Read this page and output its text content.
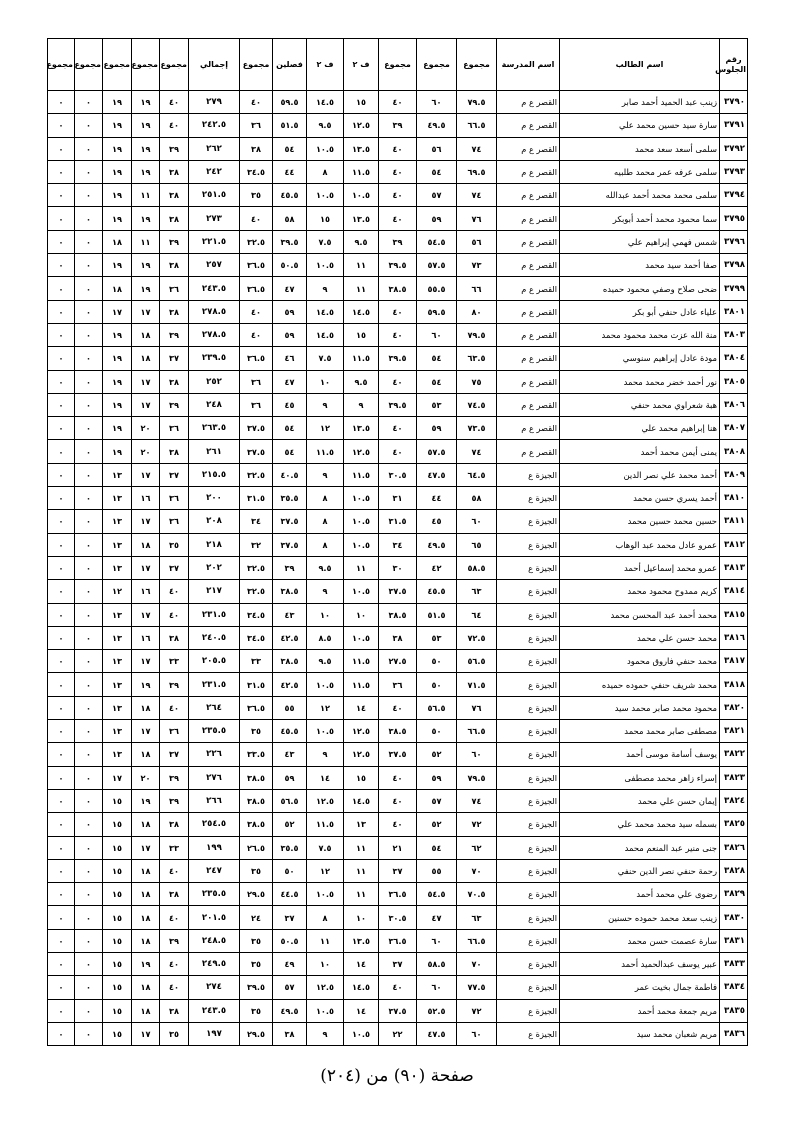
رقم الجلوس	اسم الطالب	اسم المدرسة	مجموع	مجموع	مجموع	ف ٢	ف ٢	فصلين	مجموع	إجمالي	مجموع	مجموع	مجموع	مجموع	مجموع
٣٧٩٠	زينب عبد الحميد أحمد صابر	القصر ع م	٧٩.٥	٦٠	٤٠	١٥	١٤.٥	٥٩.٥	٤٠	٢٧٩	٤٠	١٩	١٩	٠	٠
٣٧٩١	سارة سيد حسين محمد علي	القصر ع م	٦٦.٥	٤٩.٥	٣٩	١٢.٥	٩.٥	٥١.٥	٣٦	٢٤٢.٥	٤٠	١٩	١٩	٠	٠
٣٧٩٢	سلمى أسعد سعد محمد	القصر ع م	٧٤	٥٦	٤٠	١٣.٥	١٠.٥	٥٤	٣٨	٢٦٢	٣٩	١٩	١٩	٠	٠
٣٧٩٣	سلمى عرفه عمر محمد طلبيه	القصر ع م	٦٩.٥	٥٤	٤٠	١١.٥	٨	٤٤	٣٤.٥	٢٤٢	٣٨	١٩	١٩	٠	٠
٣٧٩٤	سلمى محمد محمد أحمد عبدالله	القصر ع م	٧٤	٥٧	٤٠	١٠.٥	١٠.٥	٤٥.٥	٣٥	٢٥١.٥	٣٨	١١	١٩	٠	٠
٣٧٩٥	سما محمود محمد أحمد أبوبكر	القصر ع م	٧٦	٥٩	٤٠	١٣.٥	١٥	٥٨	٤٠	٢٧٣	٣٨	١٩	١٩	٠	٠
٣٧٩٦	شمس فهمي إبراهيم علي	القصر ع م	٥٦	٥٤.٥	٣٩	٩.٥	٧.٥	٣٩.٥	٣٢.٥	٢٢١.٥	٣٩	١١	١٨	٠	٠
٣٧٩٨	صفا أحمد سيد محمد	القصر ع م	٧٣	٥٧.٥	٣٩.٥	١١	١٠.٥	٥٠.٥	٣٦.٥	٢٥٧	٣٨	١٩	١٩	٠	٠
٣٧٩٩	ضحى صلاح وصفي محمود حميده	القصر ع م	٦٦	٥٥.٥	٣٨.٥	١١	٩	٤٧	٣٦.٥	٢٤٣.٥	٣٦	١٩	١٨	٠	٠
٣٨٠١	علياء عادل حنفي أبو بكر	القصر ع م	٨٠	٥٩.٥	٤٠	١٤.٥	١٤.٥	٥٩	٤٠	٢٧٨.٥	٣٨	١٧	١٧	٠	٠
٣٨٠٣	منة الله عزت محمد محمود محمد	القصر ع م	٧٩.٥	٦٠	٤٠	١٥	١٤.٥	٥٩	٤٠	٢٧٨.٥	٣٩	١٨	١٩	٠	٠
٣٨٠٤	مودة عادل إبراهيم سنوسي	القصر ع م	٦٣.٥	٥٤	٣٩.٥	١١.٥	٧.٥	٤٦	٣٦.٥	٢٣٩.٥	٣٧	١٨	١٩	٠	٠
٣٨٠٥	نور أحمد خضر محمد محمد	القصر ع م	٧٥	٥٤	٤٠	٩.٥	١٠	٤٧	٣٦	٢٥٢	٣٨	١٧	١٩	٠	٠
٣٨٠٦	هبة شعراوي محمد حنفي	القصر ع م	٧٤.٥	٥٣	٣٩.٥	٩	٩	٤٥	٣٦	٢٤٨	٣٩	١٧	١٩	٠	٠
٣٨٠٧	هنا إبراهيم محمد علي	القصر ع م	٧٣.٥	٥٩	٤٠	١٣.٥	١٢	٥٤	٣٧.٥	٢٦٣.٥	٣٦	٢٠	١٩	٠	٠
٣٨٠٨	يمنى أيمن محمد أحمد	القصر ع م	٧٤	٥٧.٥	٤٠	١٢.٥	١١.٥	٥٤	٣٧.٥	٢٦١	٣٨	٢٠	١٩	٠	٠
٣٨٠٩	أحمد محمد علي نصر الدين	الجيزة ع	٦٤.٥	٤٧.٥	٣٠.٥	١١.٥	٩	٤٠.٥	٣٢.٥	٢١٥.٥	٣٧	١٧	١٣	٠	٠
٣٨١٠	أحمد يسري حسن محمد	الجيزة ع	٥٨	٤٤	٣١	١٠.٥	٨	٣٥.٥	٣١.٥	٢٠٠	٣٦	١٦	١٣	٠	٠
٣٨١١	حسين محمد حسين محمد	الجيزة ع	٦٠	٤٥	٣١.٥	١٠.٥	٨	٣٧.٥	٣٤	٢٠٨	٣٦	١٧	١٣	٠	٠
٣٨١٢	عمرو عادل محمد عبد الوهاب	الجيزة ع	٦٥	٤٩.٥	٣٤	١٠.٥	٨	٣٧.٥	٣٢	٢١٨	٣٥	١٨	١٣	٠	٠
٣٨١٣	عمرو محمد إسماعيل أحمد	الجيزة ع	٥٨.٥	٤٢	٣٠	١١	٩.٥	٣٩	٣٢.٥	٢٠٢	٣٧	١٧	١٣	٠	٠
٣٨١٤	كريم ممدوح محمود محمد	الجيزة ع	٦٣	٤٥.٥	٣٧.٥	١٠.٥	٩	٣٨.٥	٣٢.٥	٢١٧	٤٠	١٦	١٢	٠	٠
٣٨١٥	محمد أحمد عبد المحسن محمد	الجيزة ع	٦٤	٥١.٥	٣٨.٥	١٠	١٠	٤٣	٣٤.٥	٢٣١.٥	٤٠	١٧	١٣	٠	٠
٣٨١٦	محمد حسن علي محمد	الجيزة ع	٧٢.٥	٥٣	٣٨	١٠.٥	٨.٥	٤٢.٥	٣٤.٥	٢٤٠.٥	٣٨	١٦	١٣	٠	٠
٣٨١٧	محمد حنفي فاروق محمود	الجيزة ع	٥٦.٥	٥٠	٢٧.٥	١١.٥	٩.٥	٣٨.٥	٣٣	٢٠٥.٥	٣٣	١٧	١٣	٠	٠
٣٨١٨	محمد شريف حنفي حموده حميده	الجيزة ع	٧١.٥	٥٠	٣٦	١١.٥	١٠.٥	٤٢.٥	٣١.٥	٢٣١.٥	٣٩	١٩	١٣	٠	٠
٣٨٢٠	محمود محمد صابر محمد سيد	الجيزة ع	٧٦	٥٦.٥	٤٠	١٤	١٢	٥٥	٣٦.٥	٢٦٤	٤٠	١٨	١٣	٠	٠
٣٨٢١	مصطفى صابر محمد محمد	الجيزة ع	٦٦.٥	٥٠	٣٨.٥	١٢.٥	١٠.٥	٤٥.٥	٣٥	٢٣٥.٥	٣٦	١٧	١٣	٠	٠
٣٨٢٢	يوسف أسامة موسى أحمد	الجيزة ع	٦٠	٥٢	٣٧.٥	١٢.٥	٩	٤٣	٣٣.٥	٢٢٦	٣٧	١٨	١٣	٠	٠
٣٨٢٣	إسراء زاهر محمد مصطفى	الجيزة ع	٧٩.٥	٥٩	٤٠	١٥	١٤	٥٩	٣٨.٥	٢٧٦	٣٩	٢٠	١٧	٠	٠
٣٨٢٤	إيمان حسن علي محمد	الجيزة ع	٧٤	٥٧	٤٠	١٤.٥	١٢.٥	٥٦.٥	٣٨.٥	٢٦٦	٣٩	١٩	١٥	٠	٠
٣٨٢٥	بسمله سيد محمد محمد علي	الجيزة ع	٧٢	٥٢	٤٠	١٣	١١.٥	٥٢	٣٨.٥	٢٥٤.٥	٣٨	١٨	١٥	٠	٠
٣٨٢٦	جنى منير عبد المنعم محمد	الجيزة ع	٦٢	٥٤	٢١	١١	٧.٥	٣٥.٥	٢٦.٥	١٩٩	٣٣	١٧	١٥	٠	٠
٣٨٢٨	رحمة حنفي نصر الدين حنفي	الجيزة ع	٧٠	٥٥	٣٧	١١	١٢	٥٠	٣٥	٢٤٧	٤٠	١٨	١٥	٠	٠
٣٨٢٩	رضوى علي محمد أحمد	الجيزة ع	٧٠.٥	٥٤.٥	٣٦.٥	١١	١٠.٥	٤٤.٥	٢٩.٥	٢٣٥.٥	٣٨	١٨	١٥	٠	٠
٣٨٣٠	زينب سعد محمد حموده حسنين	الجيزة ع	٦٣	٤٧	٣٠.٥	١٠	٨	٣٧	٢٤	٢٠١.٥	٤٠	١٨	١٥	٠	٠
٣٨٣١	سارة عصمت حسن محمد	الجيزة ع	٦٦.٥	٦٠	٣٦.٥	١٣.٥	١١	٥٠.٥	٣٥	٢٤٨.٥	٣٩	١٨	١٥	٠	٠
٣٨٣٣	عبير يوسف عبدالحميد أحمد	الجيزة ع	٧٠	٥٨.٥	٣٧	١٤	١٠	٤٩	٣٥	٢٤٩.٥	٤٠	١٩	١٥	٠	٠
٣٨٣٤	فاطمة جمال بخيت عمر	الجيزة ع	٧٧.٥	٦٠	٤٠	١٤.٥	١٢.٥	٥٧	٣٩.٥	٢٧٤	٤٠	١٨	١٥	٠	٠
٣٨٣٥	مريم جمعة محمد أحمد	الجيزة ع	٧٢	٥٢.٥	٣٧.٥	١٤	١٠.٥	٤٩.٥	٣٥	٢٤٣.٥	٣٨	١٨	١٥	٠	٠
٣٨٣٦	مريم شعبان محمد سيد	الجيزة ع	٦٠	٤٧.٥	٢٢	١٠.٥	٩	٣٨	٢٩.٥	١٩٧	٣٥	١٧	١٥	٠	٠
صفحة (٩٠) من (٢٠٤)
